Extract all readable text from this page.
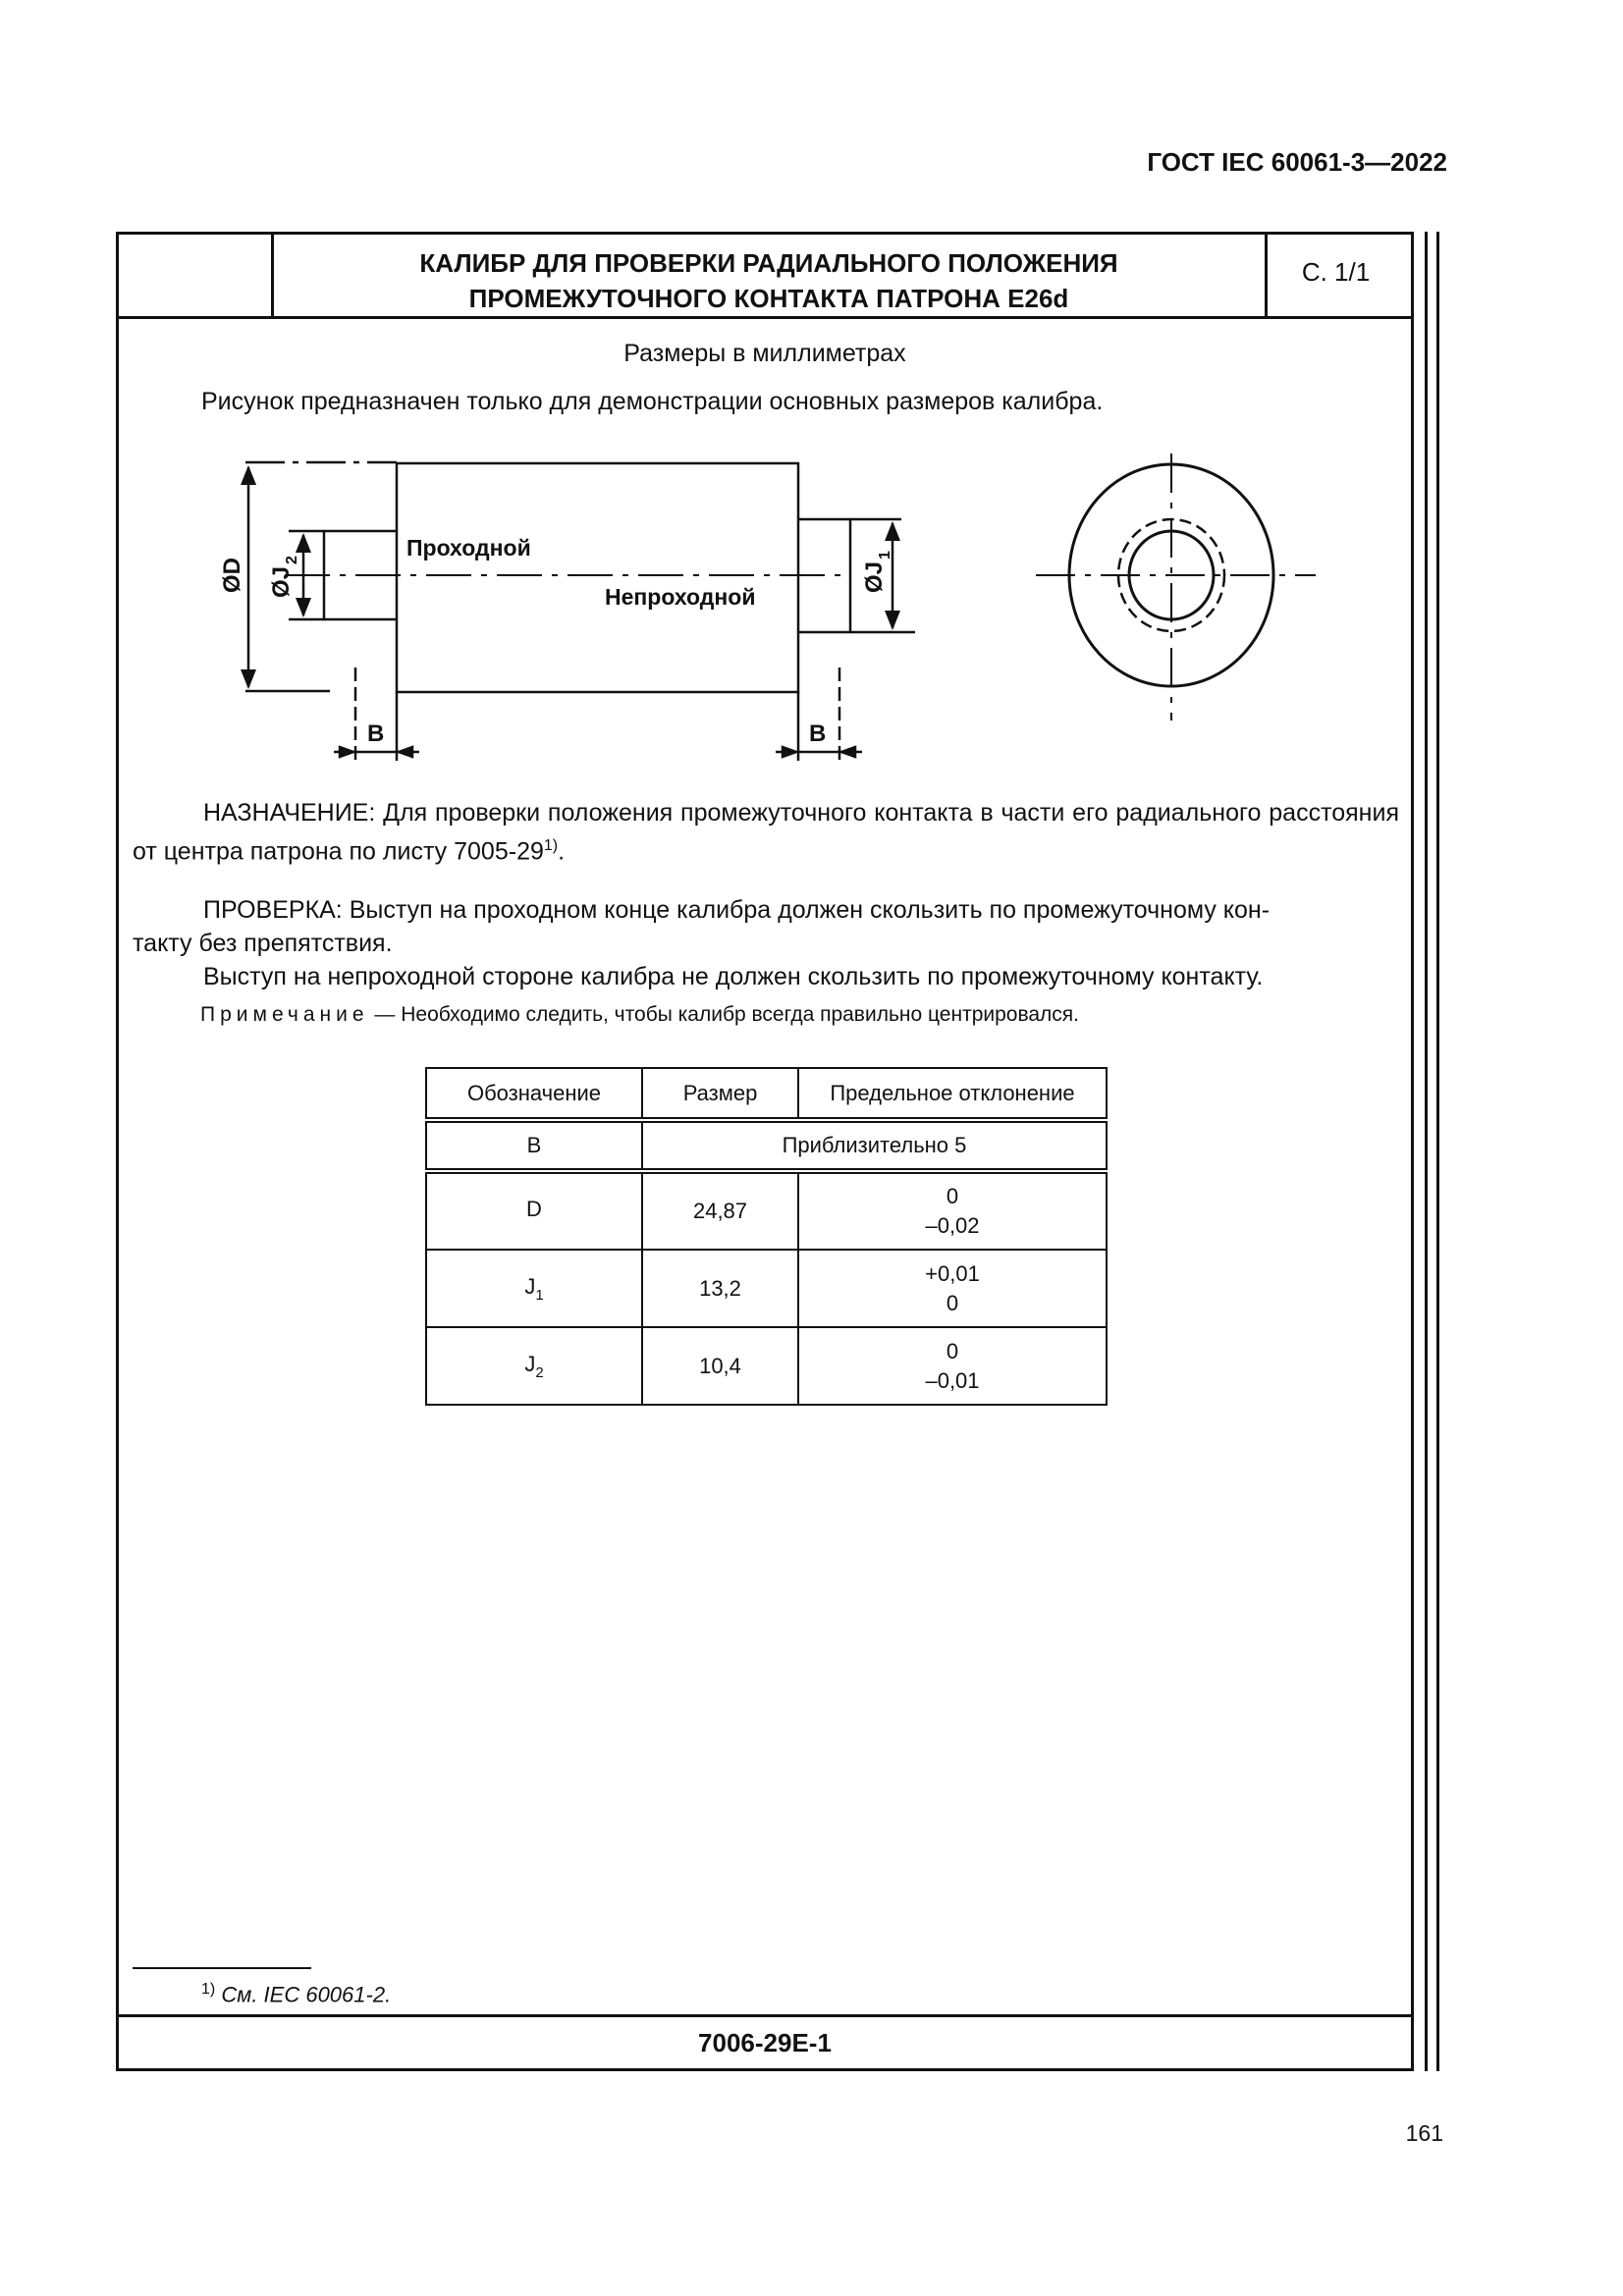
ГОСТ IEC 60061-3—2022
КАЛИБР ДЛЯ ПРОВЕРКИ РАДИАЛЬНОГО ПОЛОЖЕНИЯ
ПРОМЕЖУТОЧНОГО КОНТАКТА ПАТРОНА E26d
С. 1/1
Размеры в миллиметрах
Рисунок предназначен только для демонстрации основных размеров калибра.
Проходной
Непроходной
B	B
ØD ØJ
2
ØJ
1
НАЗНАЧЕНИЕ: Для проверки положения промежуточного контакта в части его радиального расстояния от центра патрона по листу 7005-29$^{1)}$.
ПРОВЕРКА: Выступ на проходном конце калибра должен скользить по промежуточному кон-
такту без препятствия.
Выступ на непроходной стороне калибра не должен скользить по промежуточному контакту.
Примечание — Необходимо следить, чтобы калибр всегда правильно центрировался.
Обозначение	Размер	Предельное отклонение
B	Приблизительно 5	
D	24,87	0
–0,02

$J_1$	13,2	+0,01
0

$J_2$	10,4	0
–0,01
$^{1)}$ См. IEC 60061-2.
7006-29E-1
161
